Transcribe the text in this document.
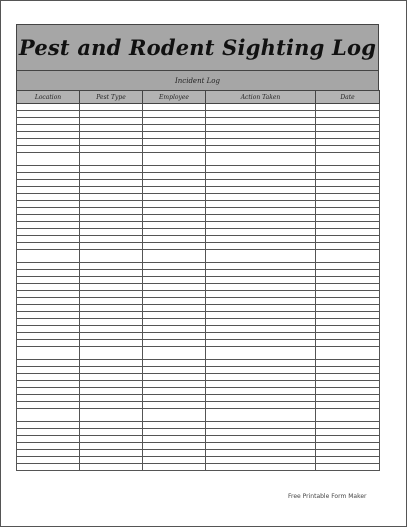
Pest and Rodent Sighting Log
Incident Log
Location	Pest Type	Employee	Action Taken	Date

Free Printable Form Maker
